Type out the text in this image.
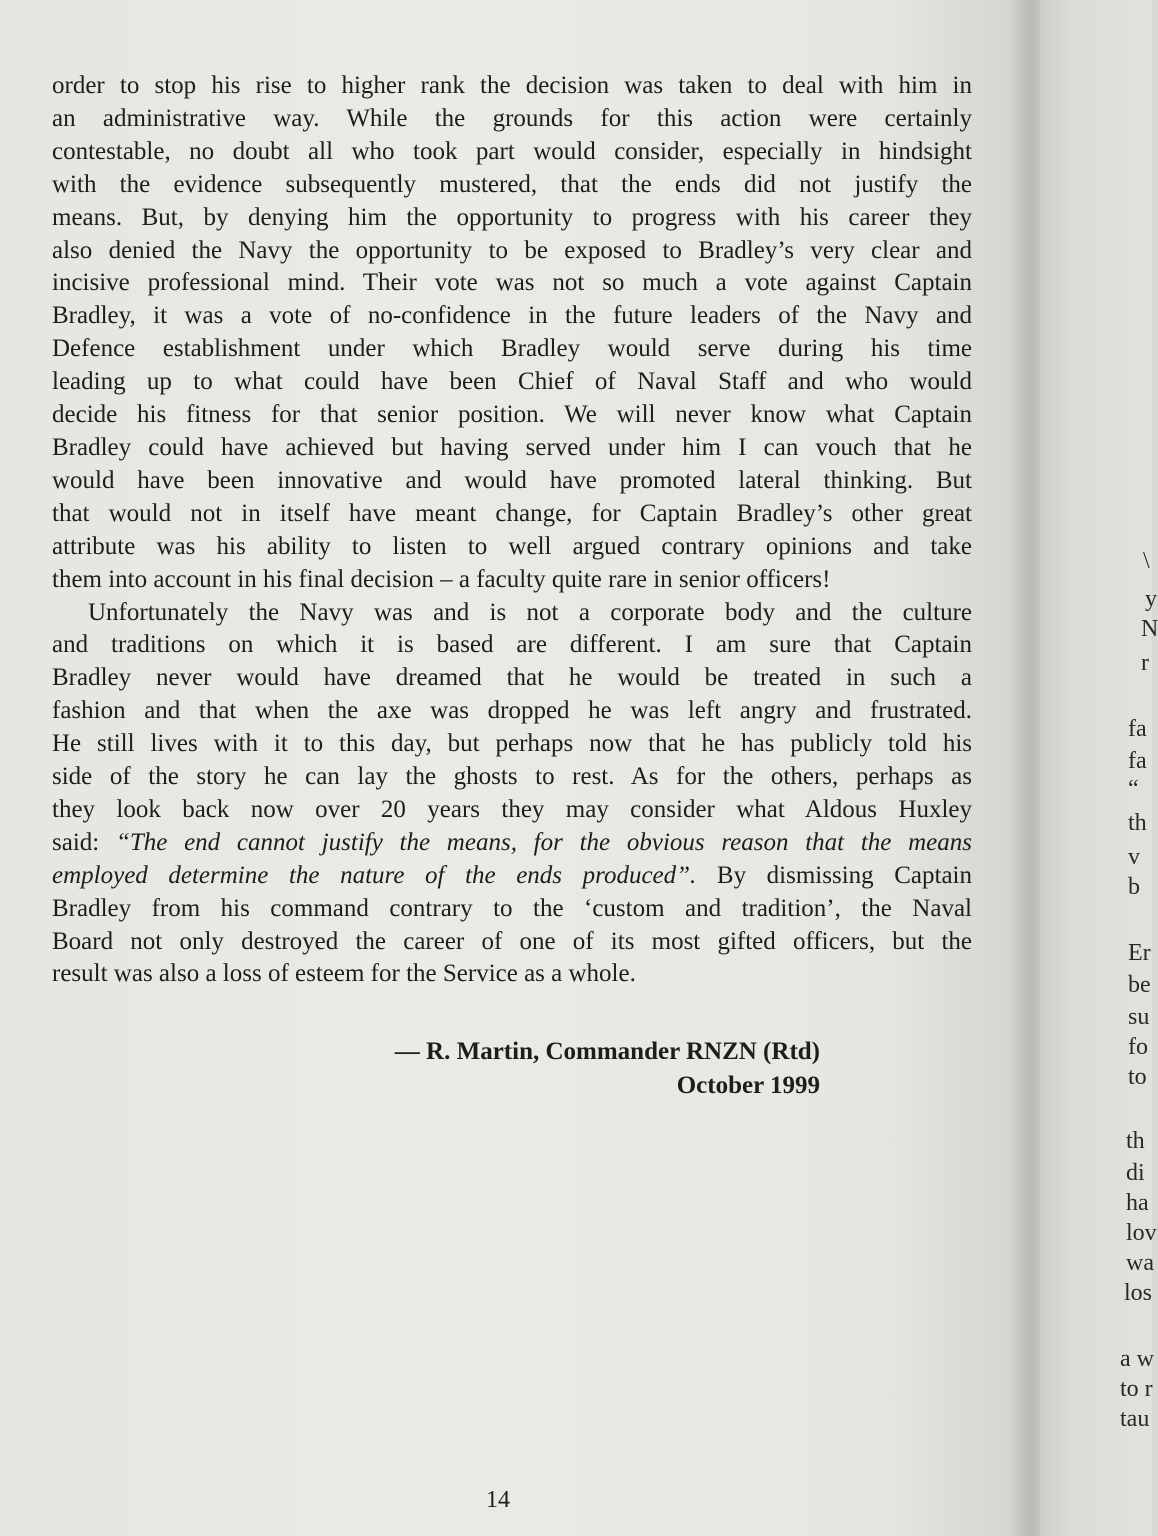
order to stop his rise to higher rank the decision was taken to deal with him in
an administrative way. While the grounds for this action were certainly
contestable, no doubt all who took part would consider, especially in hindsight
with the evidence subsequently mustered, that the ends did not justify the
means. But, by denying him the opportunity to progress with his career they
also denied the Navy the opportunity to be exposed to Bradley’s very clear and
incisive professional mind. Their vote was not so much a vote against Captain
Bradley, it was a vote of no-confidence in the future leaders of the Navy and
Defence establishment under which Bradley would serve during his time
leading up to what could have been Chief of Naval Staff and who would
decide his fitness for that senior position. We will never know what Captain
Bradley could have achieved but having served under him I can vouch that he
would have been innovative and would have promoted lateral thinking. But
that would not in itself have meant change, for Captain Bradley’s other great
attribute was his ability to listen to well argued contrary opinions and take
them into account in his final decision – a faculty quite rare in senior officers!
Unfortunately the Navy was and is not a corporate body and the culture
and traditions on which it is based are different. I am sure that Captain
Bradley never would have dreamed that he would be treated in such a
fashion and that when the axe was dropped he was left angry and frustrated.
He still lives with it to this day, but perhaps now that he has publicly told his
side of the story he can lay the ghosts to rest. As for the others, perhaps as
they look back now over 20 years they may consider what Aldous Huxley
said: “The end cannot justify the means, for the obvious reason that the means
employed determine the nature of the ends produced”. By dismissing Captain
Bradley from his command contrary to the ‘custom and tradition’, the Naval
Board not only destroyed the career of one of its most gifted officers, but the
result was also a loss of esteem for the Service as a whole.
— R. Martin, Commander RNZN (Rtd)
October 1999
14
\
y
N
r
fa
fa
“
th
v
b
Er
be
su
fo
to
th
di
ha
lov
wa
los
a w
to r
tau
